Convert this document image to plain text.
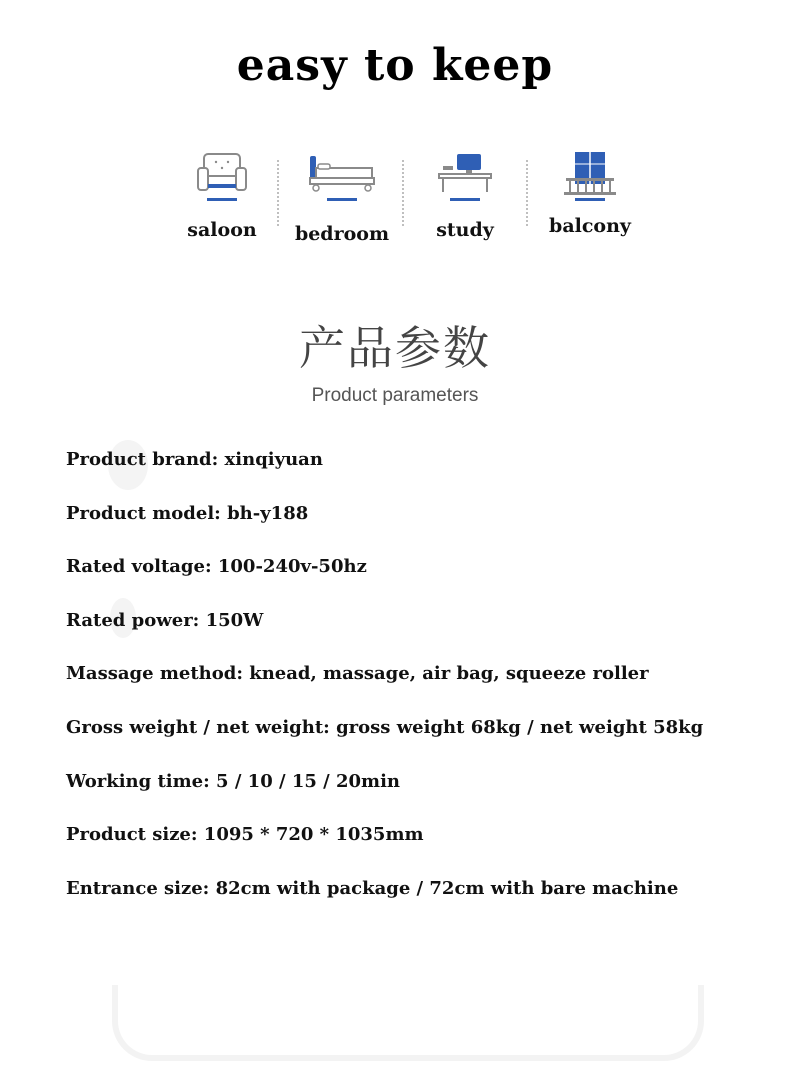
easy to keep
saloon	bedroom	study	balcony
产品参数
Product parameters
Product brand: xinqiyuan
Product model: bh-y188
Rated voltage: 100-240v-50hz
Rated power: 150W
Massage method: knead, massage, air bag, squeeze roller
Gross weight / net weight: gross weight 68kg / net weight 58kg
Working time: 5 / 10 / 15 / 20min
Product size: 1095 * 720 * 1035mm
Entrance size: 82cm with package / 72cm with bare machine
